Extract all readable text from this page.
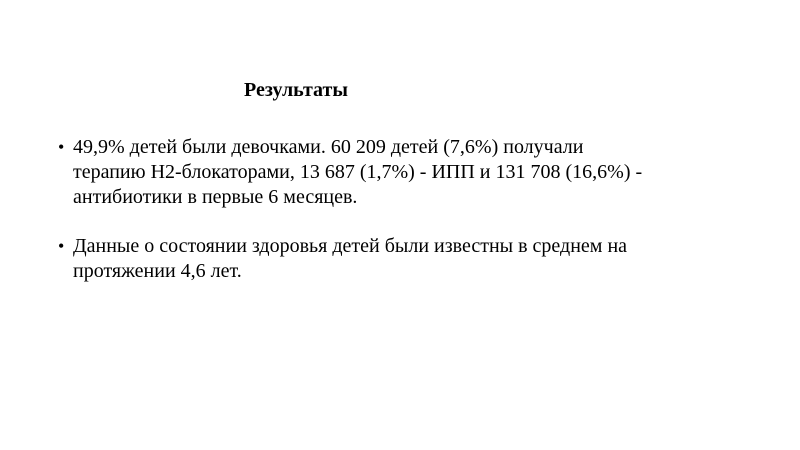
Результаты
• 49,9% детей были девочками. 60 209 детей (7,6%) получали
терапию Н2-блокаторами, 13 687 (1,7%) - ИПП и 131 708 (16,6%) -
антибиотики в первые 6 месяцев.
• Данные о состоянии здоровья детей были известны в среднем на
протяжении 4,6 лет.
